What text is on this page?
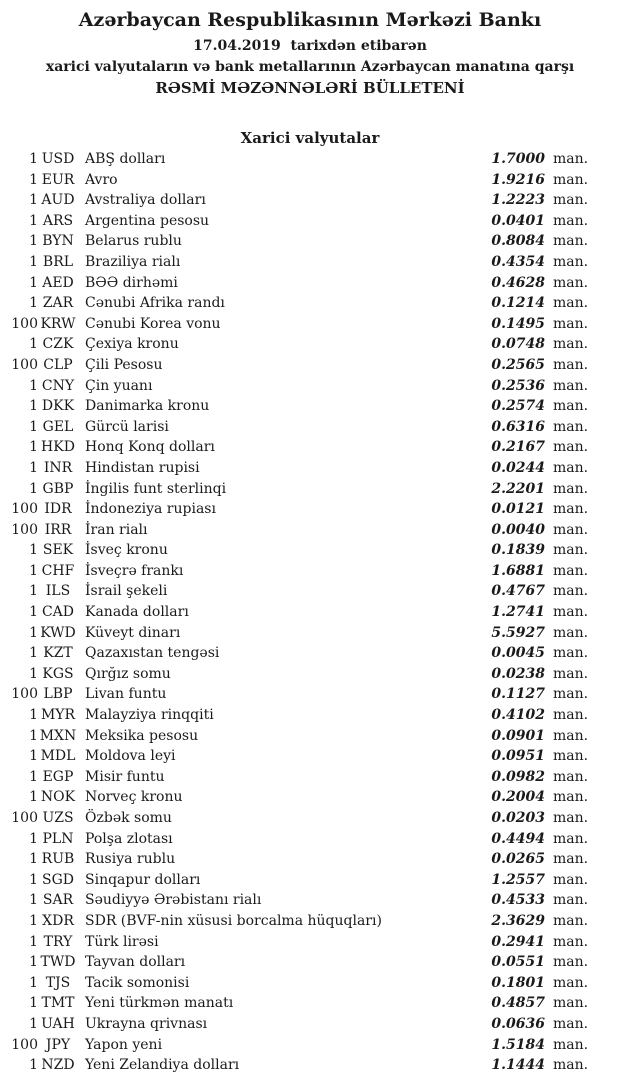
Azərbaycan Respublikasının Mərkəzi Bankı
17.04.2019  tarixdən etibarən
xarici valyutaların və bank metallarının Azərbaycan manatına qarşı
RƏSMİ MƏZƏNNƏLƏRİ BÜLLETENİ
Xarici valyutalar
1 USD ABŞ dolları	1.7000 man.
1 EUR Avro	1.9216 man.
1 AUD Avstraliya dolları	1.2223 man.
1 ARS Argentina pesosu	0.0401 man.
1 BYN Belarus rublu	0.8084 man.
1 BRL Braziliya rialı	0.4354 man.
1 AED BƏƏ dirhəmi	0.4628 man.
1 ZAR Cənubi Afrika randı	0.1214 man.
100 KRW Cənubi Korea vonu	0.1495 man.
1 CZK Çexiya kronu	0.0748 man.
100 CLP Çili Pesosu	0.2565 man.
1 CNY Çin yuanı	0.2536 man.
1 DKK Danimarka kronu	0.2574 man.
1 GEL Gürcü larisi	0.6316 man.
1 HKD Honq Konq dolları	0.2167 man.
1 INR Hindistan rupisi	0.0244 man.
1 GBP İngilis funt sterlinqi	2.2201 man.
100 IDR İndoneziya rupiası	0.0121 man.
100 IRR İran rialı	0.0040 man.
1 SEK İsveç kronu	0.1839 man.
1 CHF İsveçrə frankı	1.6881 man.
1 ILS	İsrail şekeli	0.4767 man.
1 CAD Kanada dolları	1.2741 man.
1 KWD Küveyt dinarı	5.5927 man.
1 KZT Qazaxıstan tengəsi	0.0045 man.
1 KGS Qırğız somu	0.0238 man.
100 LBP Livan funtu	0.1127 man.
1 MYR Malayziya rinqqiti	0.4102 man.
1 MXN Meksika pesosu	0.0901 man.
1 MDL Moldova leyi	0.0951 man.
1 EGP Misir funtu	0.0982 man.
1 NOK Norveç kronu	0.2004 man.
100 UZS Özbək somu	0.0203 man.
1 PLN Polşa zlotası	0.4494 man.
1 RUB Rusiya rublu	0.0265 man.
1 SGD Sinqapur dolları	1.2557 man.
1 SAR Səudiyyə Ərəbistanı rialı	0.4533 man.
1 XDR SDR (BVF-nin xüsusi borcalma hüquqları)	2.3629 man.
1 TRY Türk lirəsi	0.2941 man.
1 TWD Tayvan dolları	0.0551 man.
1 TJS	Tacik somonisi	0.1801 man.
1 TMT Yeni türkmən manatı	0.4857 man.
1 UAH Ukrayna qrivnası	0.0636 man.
100 JPY	Yapon yeni	1.5184 man.
1 NZD Yeni Zelandiya dolları	1.1444 man.
